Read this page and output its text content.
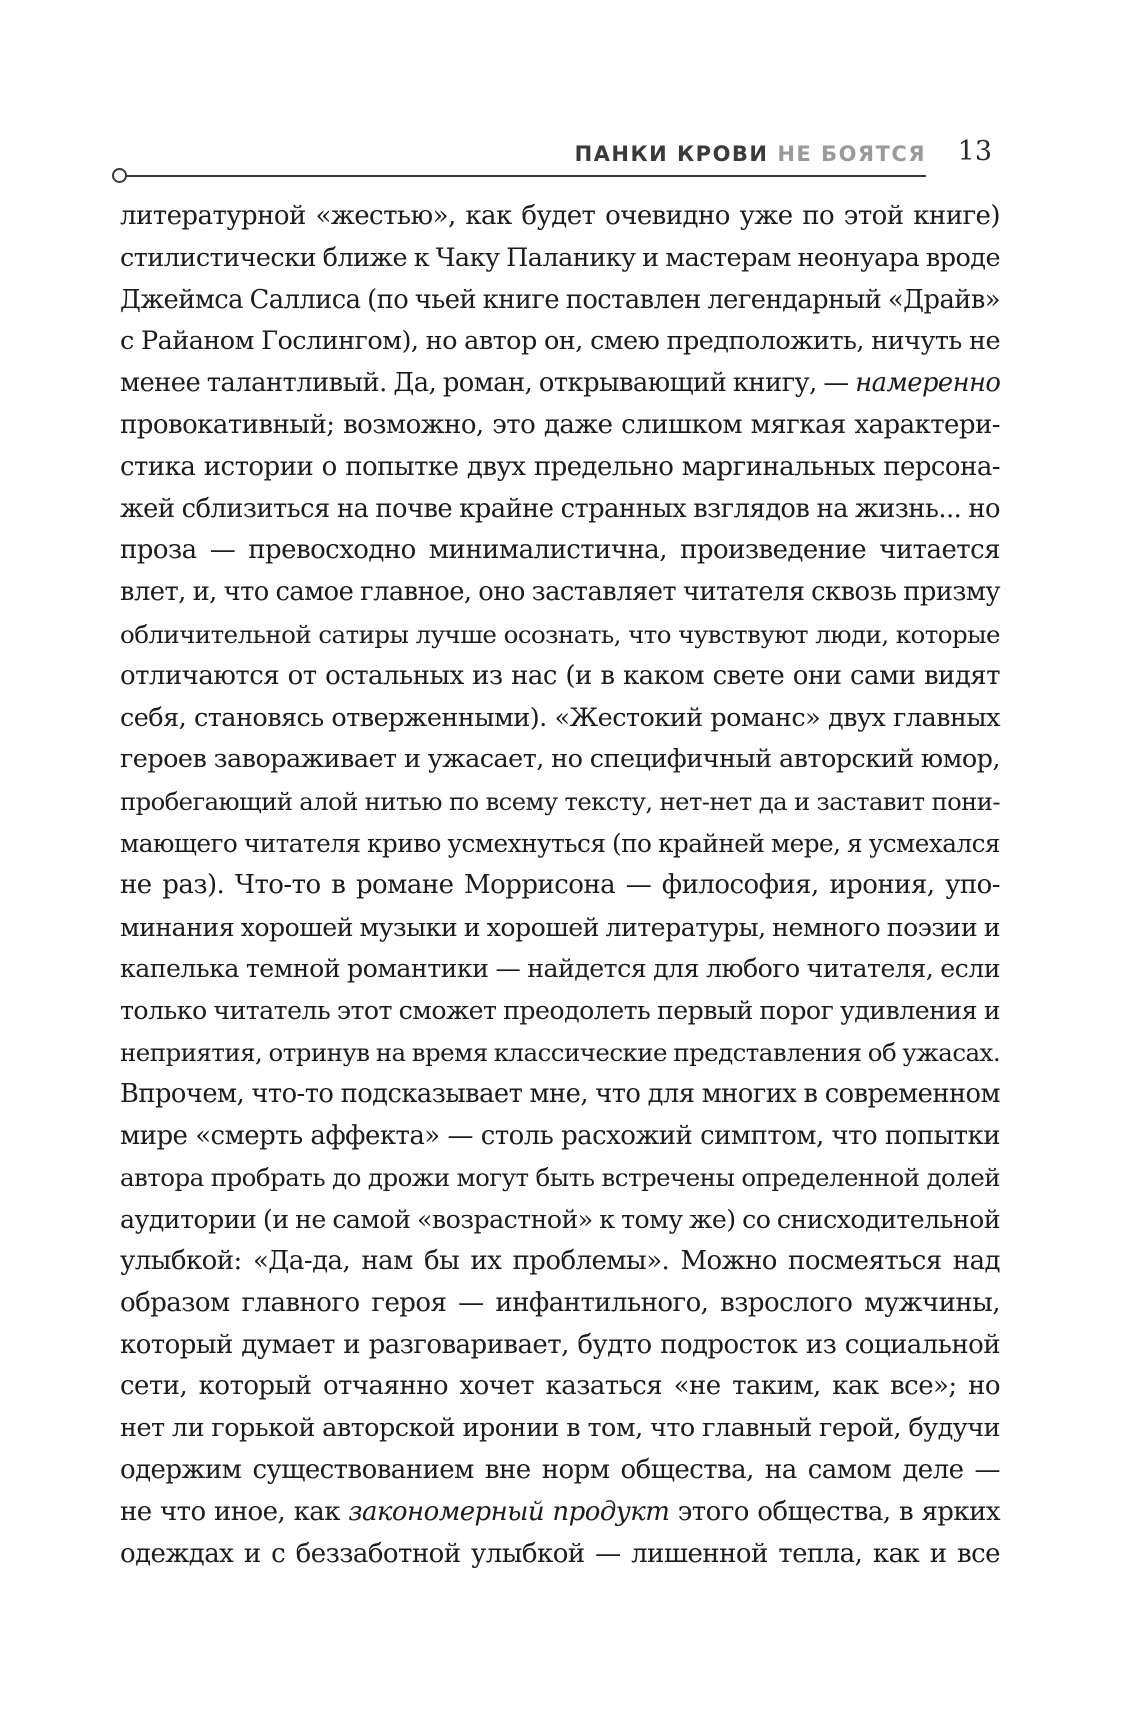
ПАНКИ КРОВИ НЕ БОЯТСЯ 13
литературной «жестью», как будет очевидно уже по этой книге)
стилистически ближе к Чаку Паланику и мастерам неонуара вроде
Джеймса Саллиса (по чьей книге поставлен легендарный «Драйв»
с Райаном Гослингом), но автор он, смею предположить, ничуть не
менее талантливый. Да, роман, открывающий книгу, — намеренно
провокативный; возможно, это даже слишком мягкая характери-
стика истории о попытке двух предельно маргинальных персона-
жей сблизиться на почве крайне странных взглядов на жизнь... но
проза — превосходно минималистична, произведение читается
влет, и, что самое главное, оно заставляет читателя сквозь призму
обличительной сатиры лучше осознать, что чувствуют люди, которые
отличаются от остальных из нас (и в каком свете они сами видят
себя, становясь отверженными). «Жестокий романс» двух главных
героев завораживает и ужасает, но специфичный авторский юмор,
пробегающий алой нитью по всему тексту, нет-нет да и заставит пони-
мающего читателя криво усмехнуться (по крайней мере, я усмехался
не раз). Что-то в романе Моррисона — философия, ирония, упо-
минания хорошей музыки и хорошей литературы, немного поэзии и
капелька темной романтики — найдется для любого читателя, если
только читатель этот сможет преодолеть первый порог удивления и
неприятия, отринув на время классические представления об ужасах.
Впрочем, что-то подсказывает мне, что для многих в современном
мире «смерть аффекта» — столь расхожий симптом, что попытки
автора пробрать до дрожи могут быть встречены определенной долей
аудитории (и не самой «возрастной» к тому же) со снисходительной
улыбкой: «Да-да, нам бы их проблемы». Можно посмеяться над
образом главного героя — инфантильного, взрослого мужчины,
который думает и разговаривает, будто подросток из социальной
сети, который отчаянно хочет казаться «не таким, как все»; но
нет ли горькой авторской иронии в том, что главный герой, будучи
одержим существованием вне норм общества, на самом деле —
не что иное, как закономерный продукт этого общества, в ярких
одеждах и с беззаботной улыбкой — лишенной тепла, как и все
